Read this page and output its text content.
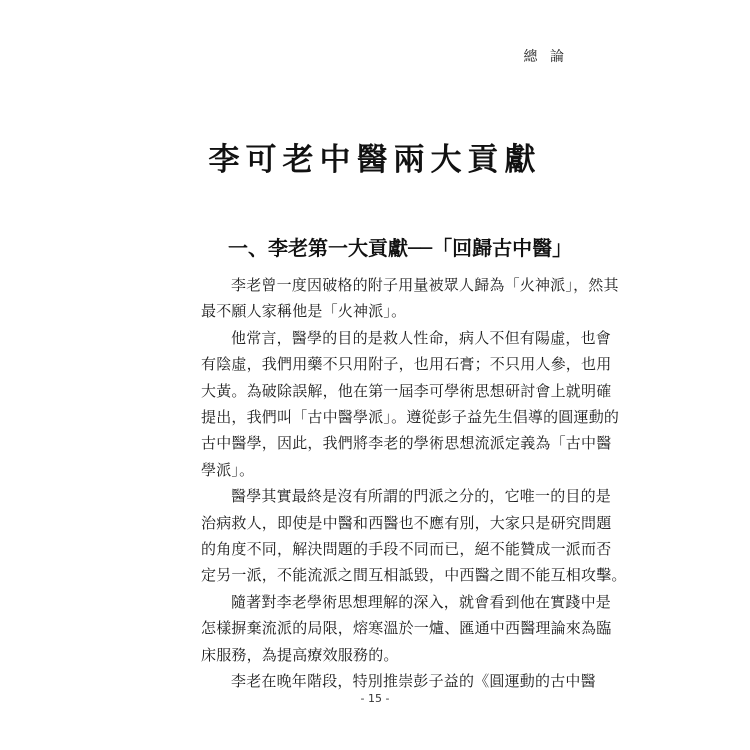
總 論
李可老中醫兩大貢獻
一、李老第一大貢獻──「回歸古中醫」

李老曾一度因破格的附子用量被眾人歸為「火神派」，然其
最不願人家稱他是「火神派」。

他常言，醫學的目的是救人性命，病人不但有陽虛，也會
有陰虛，我們用藥不只用附子，也用石膏；不只用人參，也用
大黃。為破除誤解，他在第一屆李可學術思想研討會上就明確
提出，我們叫「古中醫學派」。遵從彭子益先生倡導的圓運動的
古中醫學，因此，我們將李老的學術思想流派定義為「古中醫
學派」。

醫學其實最終是沒有所謂的門派之分的，它唯一的目的是
治病救人，即使是中醫和西醫也不應有別，大家只是研究問題
的角度不同，解決問題的手段不同而已，絕不能贊成一派而否
定另一派，不能流派之間互相詆毀，中西醫之間不能互相攻擊。

隨著對李老學術思想理解的深入，就會看到他在實踐中是
怎樣摒棄流派的局限，熔寒溫於一爐、匯通中西醫理論來為臨
床服務，為提高療效服務的。

李老在晚年階段，特別推崇彭子益的《圓運動的古中醫

- 15 -
